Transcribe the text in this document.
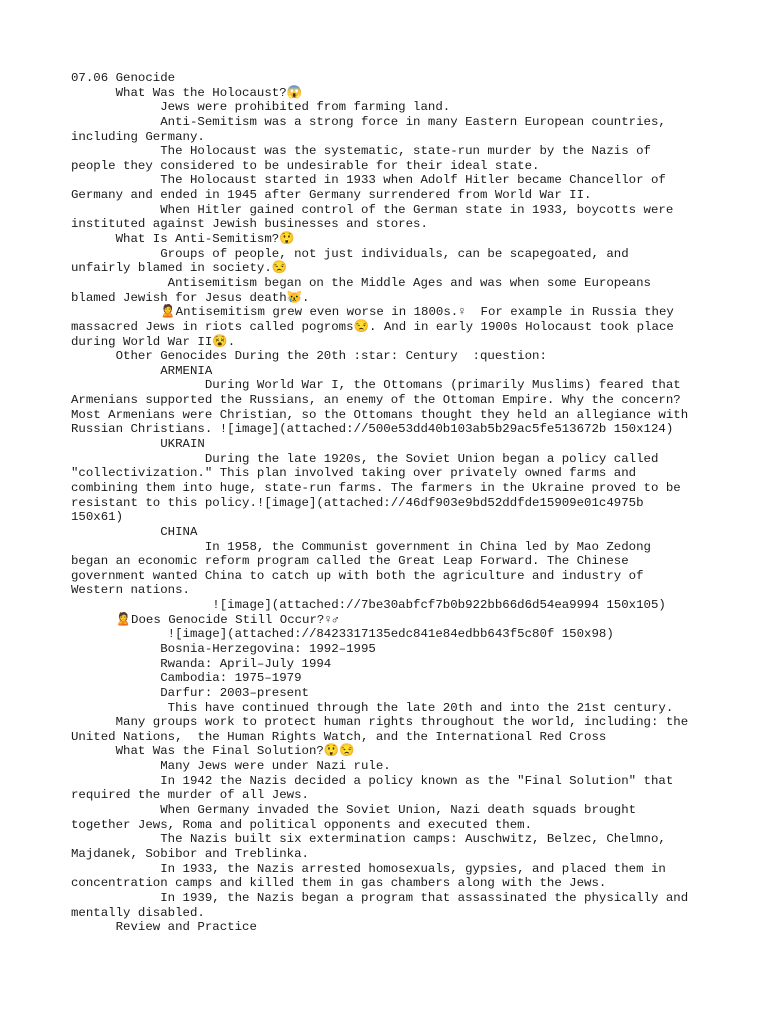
07.06 Genocide
What Was the Holocaust?😱
Jews were prohibited from farming land.
Anti-Semitism was a strong force in many Eastern European countries,
including Germany.
The Holocaust was the systematic, state-run murder by the Nazis of
people they considered to be undesirable for their ideal state.
The Holocaust started in 1933 when Adolf Hitler became Chancellor of
Germany and ended in 1945 after Germany surrendered from World War II.
When Hitler gained control of the German state in 1933, boycotts were
instituted against Jewish businesses and stores.
What Is Anti-Semitism?😲
Groups of people, not just individuals, can be scapegoated, and
unfairly blamed in society.😒
Antisemitism began on the Middle Ages and was when some Europeans
blamed Jewish for Jesus death😿.
🙎Antisemitism grew even worse in 1800s.♀  For example in Russia they
massacred Jews in riots called pogroms😒. And in early 1900s Holocaust took place
during World War II😵.
Other Genocides During the 20th :star: Century  :question:
ARMENIA
During World War I, the Ottomans (primarily Muslims) feared that
Armenians supported the Russians, an enemy of the Ottoman Empire. Why the concern?
Most Armenians were Christian, so the Ottomans thought they held an allegiance with
Russian Christians. ![image](attached://500e53dd40b103ab5b29ac5fe513672b 150x124)
UKRAIN
During the late 1920s, the Soviet Union began a policy called
"collectivization." This plan involved taking over privately owned farms and
combining them into huge, state-run farms. The farmers in the Ukraine proved to be
resistant to this policy.![image](attached://46df903e9bd52ddfde15909e01c4975b
150x61)
CHINA
In 1958, the Communist government in China led by Mao Zedong
began an economic reform program called the Great Leap Forward. The Chinese
government wanted China to catch up with both the agriculture and industry of
Western nations.
![image](attached://7be30abfcf7b0b922bb66d6d54ea9994 150x105)
🙎Does Genocide Still Occur?♀♂
![image](attached://8423317135edc841e84edbb643f5c80f 150x98)
Bosnia-Herzegovina: 1992–1995
Rwanda: April–July 1994
Cambodia: 1975–1979
Darfur: 2003–present
This have continued through the late 20th and into the 21st century.
Many groups work to protect human rights throughout the world, including: the
United Nations,  the Human Rights Watch, and the International Red Cross
What Was the Final Solution?😲😒
Many Jews were under Nazi rule.
In 1942 the Nazis decided a policy known as the "Final Solution" that
required the murder of all Jews.
When Germany invaded the Soviet Union, Nazi death squads brought
together Jews, Roma and political opponents and executed them.
The Nazis built six extermination camps: Auschwitz, Belzec, Chelmno,
Majdanek, Sobibor and Treblinka.
In 1933, the Nazis arrested homosexuals, gypsies, and placed them in
concentration camps and killed them in gas chambers along with the Jews.
In 1939, the Nazis began a program that assassinated the physically and
mentally disabled.
Review and Practice
